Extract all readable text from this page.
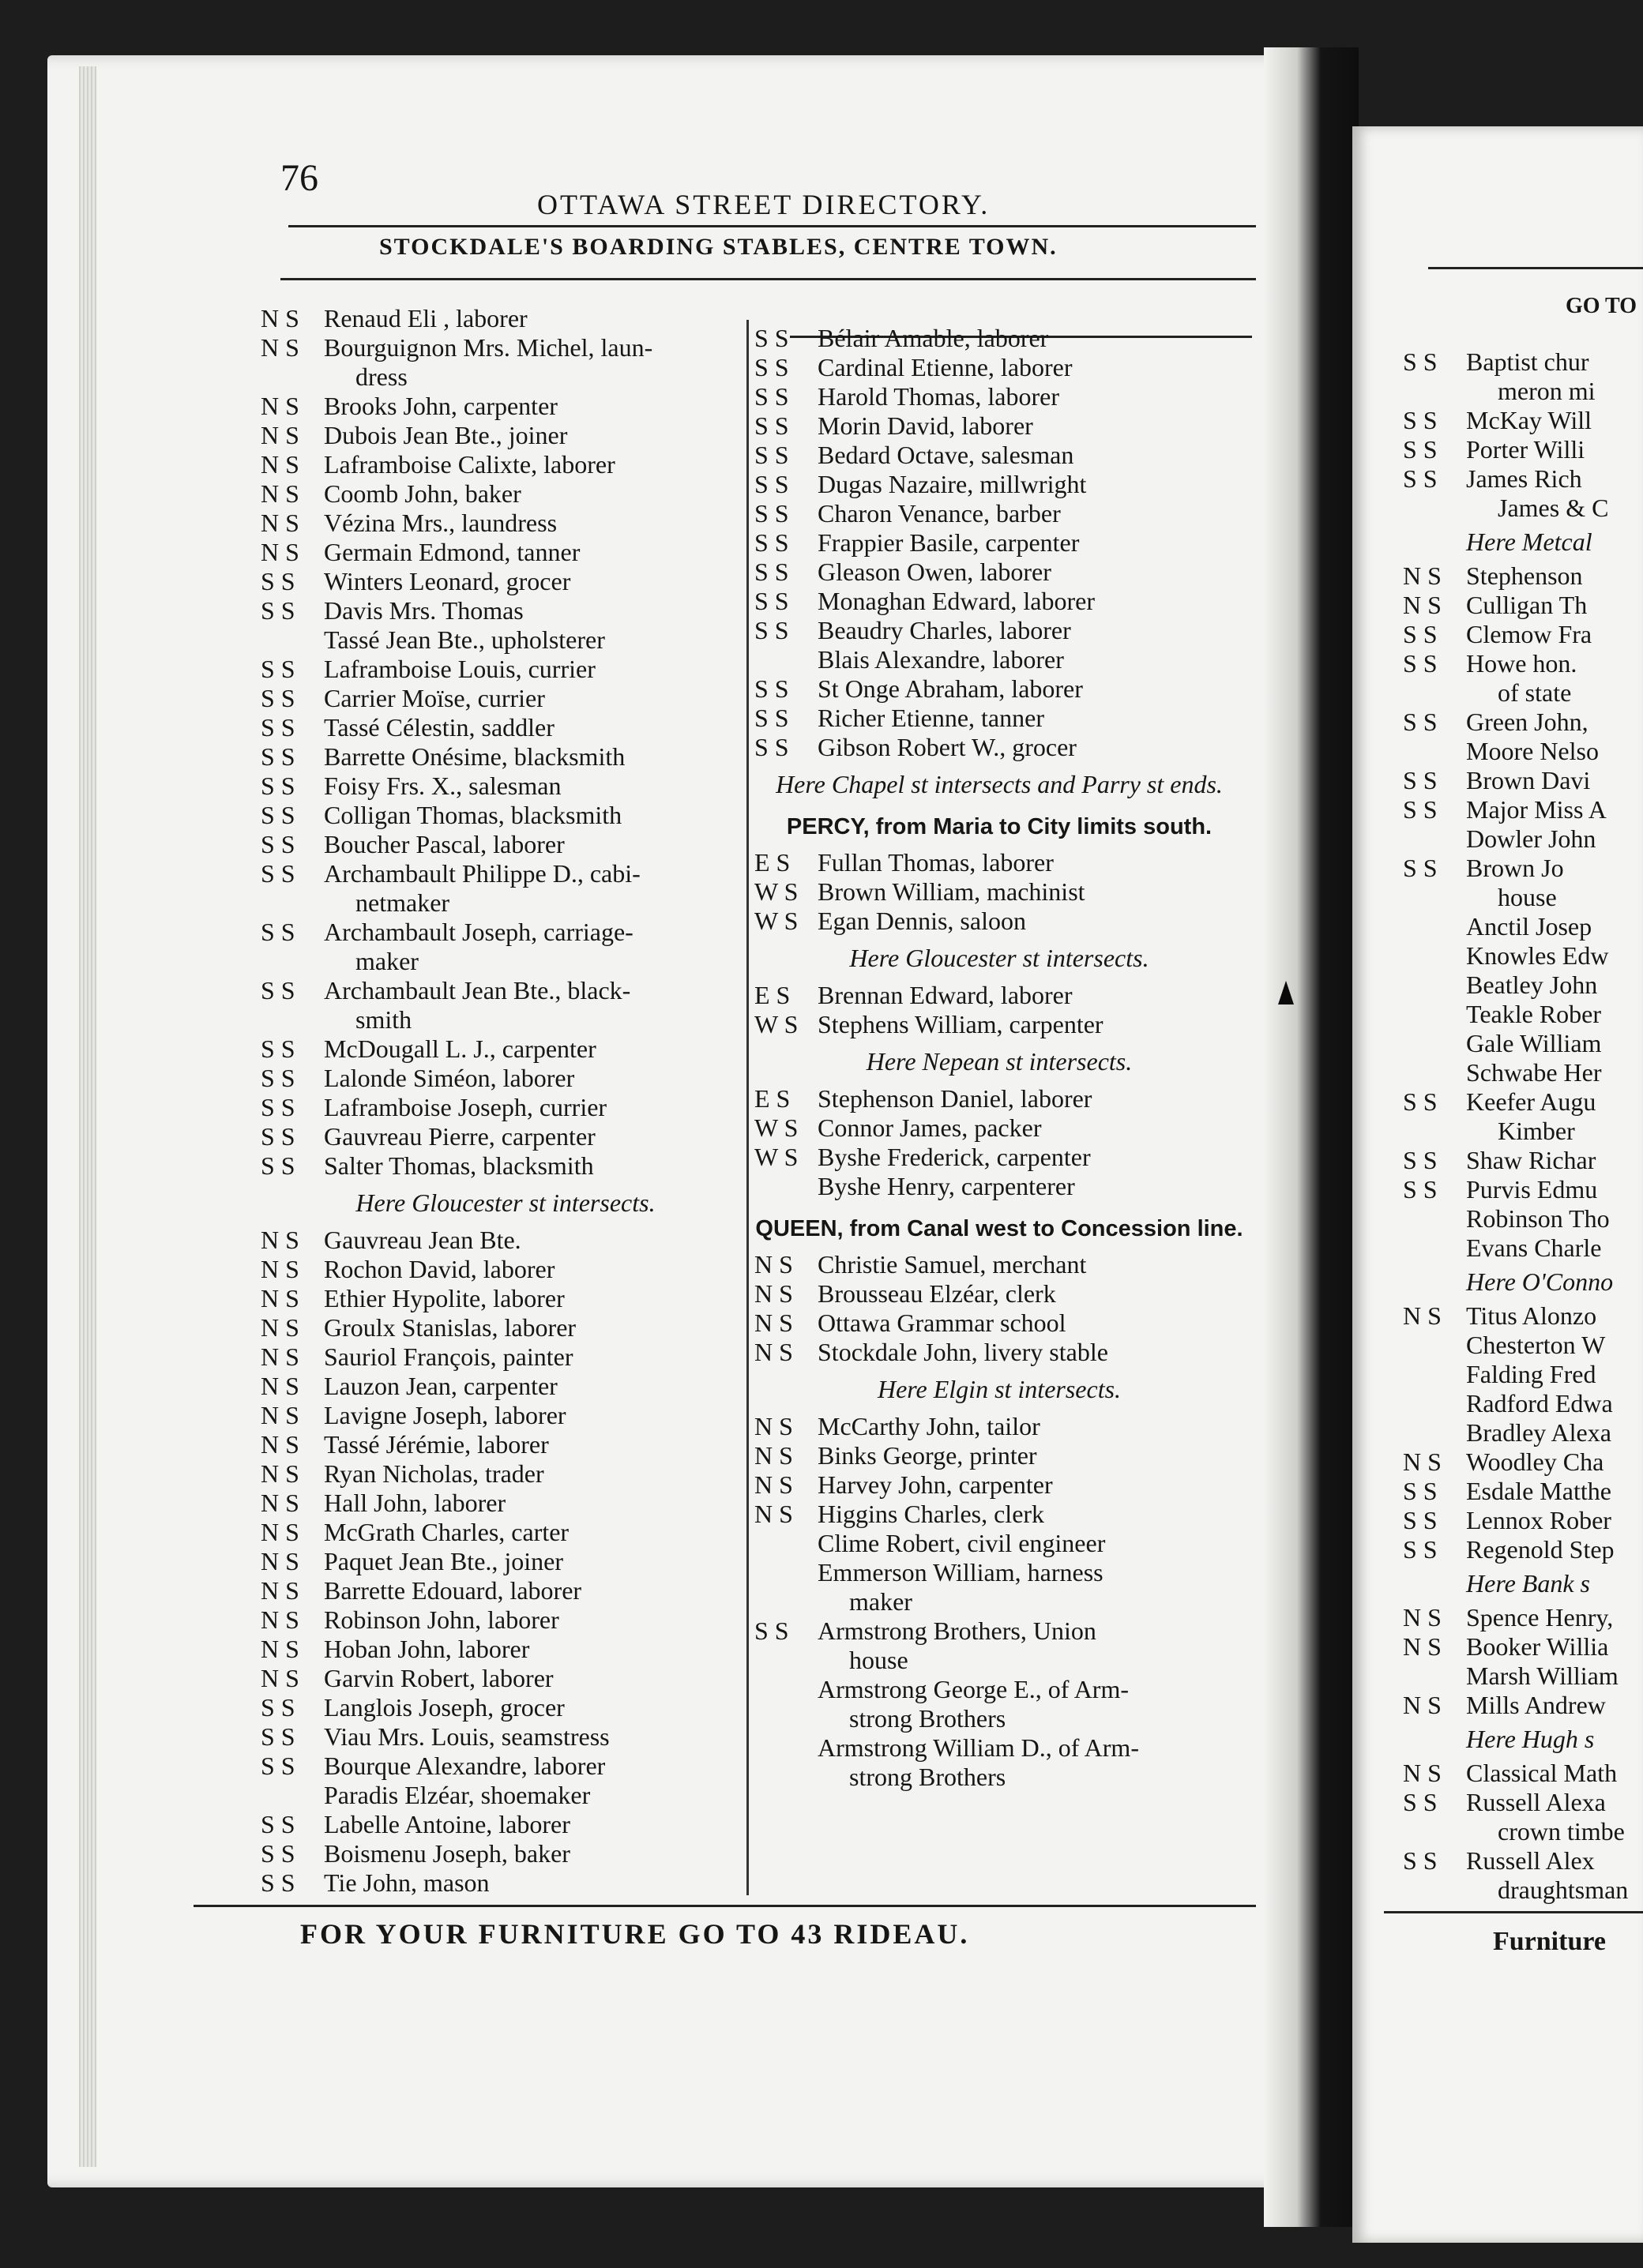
76
OTTAWA STREET DIRECTORY.
STOCKDALE'S BOARDING STABLES, CENTRE TOWN.
N S Renaud Eli , laborer
N S Bourguignon Mrs. Michel, laun-
dress
N S Brooks John, carpenter
N S Dubois Jean Bte., joiner
N S Laframboise Calixte, laborer
N S Coomb John, baker
N S Vézina Mrs., laundress
N S Germain Edmond, tanner
S S	Winters Leonard, grocer
S S	Davis Mrs. Thomas
Tassé Jean Bte., upholsterer
S S	Laframboise Louis, currier
S S	Carrier Moïse, currier
S S	Tassé Célestin, saddler
S S	Barrette Onésime, blacksmith
S S	Foisy Frs. X., salesman
S S	Colligan Thomas, blacksmith
S S	Boucher Pascal, laborer
S S	Archambault Philippe D., cabi-
netmaker
S S	Archambault Joseph, carriage-
maker
S S	Archambault Jean Bte., black-
smith
S S	McDougall L. J., carpenter
S S	Lalonde Siméon, laborer
S S	Laframboise Joseph, currier
S S	Gauvreau Pierre, carpenter
S S	Salter Thomas, blacksmith
Here Gloucester st intersects.
N S Gauvreau Jean Bte.
N S Rochon David, laborer
N S Ethier Hypolite, laborer
N S Groulx Stanislas, laborer
N S Sauriol François, painter
N S Lauzon Jean, carpenter
N S Lavigne Joseph, laborer
N S Tassé Jérémie, laborer
N S Ryan Nicholas, trader
N S Hall John, laborer
N S McGrath Charles, carter
N S Paquet Jean Bte., joiner
N S Barrette Edouard, laborer
N S Robinson John, laborer
N S Hoban John, laborer
N S Garvin Robert, laborer
S S	Langlois Joseph, grocer
S S	Viau Mrs. Louis, seamstress
S S	Bourque Alexandre, laborer
Paradis Elzéar, shoemaker
S S	Labelle Antoine, laborer
S S	Boismenu Joseph, baker
S S	Tie John, mason
S S	Bélair Amable, laborer
S S	Cardinal Etienne, laborer
S S	Harold Thomas, laborer
S S	Morin David, laborer
S S	Bedard Octave, salesman
S S	Dugas Nazaire, millwright
S S	Charon Venance, barber
S S	Frappier Basile, carpenter
S S	Gleason Owen, laborer
S S	Monaghan Edward, laborer
S S	Beaudry Charles, laborer
Blais Alexandre, laborer
S S	St Onge Abraham, laborer
S S	Richer Etienne, tanner
S S	Gibson Robert W., grocer
Here Chapel st intersects and Parry st ends.
PERCY, from Maria to City limits south.
E S	Fullan Thomas, laborer
W S Brown William, machinist
W S Egan Dennis, saloon
Here Gloucester st intersects.
E S	Brennan Edward, laborer
W S Stephens William, carpenter
Here Nepean st intersects.
E S	Stephenson Daniel, laborer
W S Connor James, packer
W S Byshe Frederick, carpenter
Byshe Henry, carpenterer
QUEEN, from Canal west to Concession line.
N S Christie Samuel, merchant
N S Brousseau Elzéar, clerk
N S Ottawa Grammar school
N S Stockdale John, livery stable
Here Elgin st intersects.
N S McCarthy John, tailor
N S Binks George, printer
N S Harvey John, carpenter
N S Higgins Charles, clerk
Clime Robert, civil engineer
Emmerson William, harness
maker
S S	Armstrong Brothers, Union
house
Armstrong George E., of Arm-
strong Brothers
Armstrong William D., of Arm-
strong Brothers
FOR YOUR FURNITURE GO TO 43 RIDEAU.
GO TO
S S	Baptist chur
meron mi
S S	McKay Will
S S	Porter Willi
S S	James Rich
James & C
Here Metcal
N S Stephenson
N S Culligan Th
S S	Clemow Fra
S S	Howe hon.
of state
S S	Green John,
Moore Nelso
S S	Brown Davi
S S	Major Miss A
Dowler John
S S	Brown Jo
house
Anctil Josep
Knowles Edw
Beatley John
Teakle Rober
Gale William
Schwabe Her
S S	Keefer Augu
Kimber
S S	Shaw Richar
S S	Purvis Edmu
Robinson Tho
Evans Charle
Here O'Conno
N S Titus Alonzo
Chesterton W
Falding Fred
Radford Edwa
Bradley Alexa
N S Woodley Cha
S S	Esdale Matthe
S S	Lennox Rober
S S	Regenold Step
Here Bank s
N S Spence Henry,
N S Booker Willia
Marsh William
N S Mills Andrew
Here Hugh s
N S Classical Math
S S	Russell Alexa
crown timbe
S S	Russell Alex
draughtsman
Furniture
